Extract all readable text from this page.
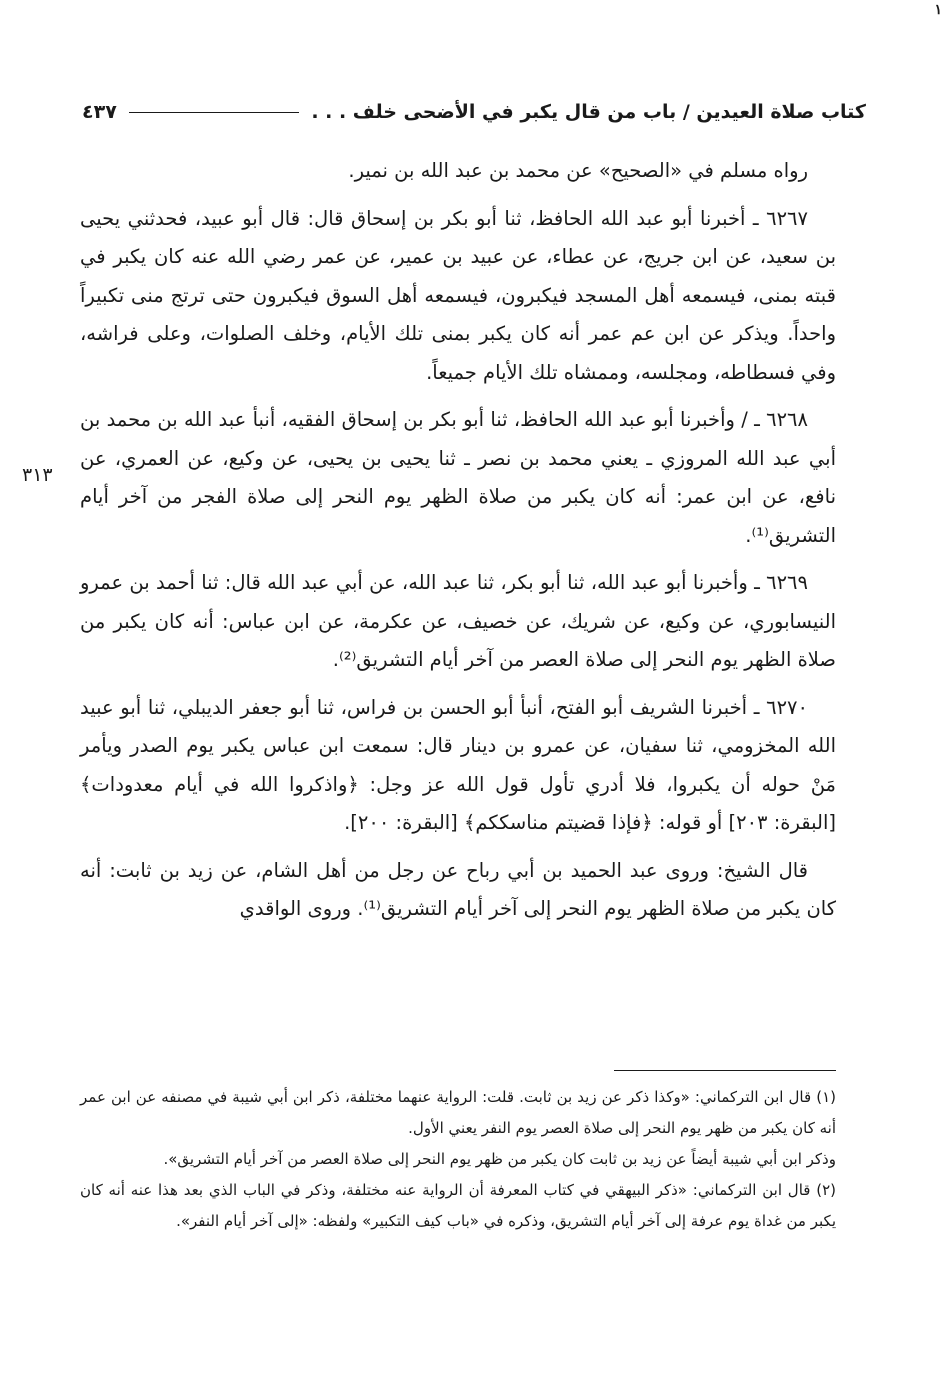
۱
كتاب صلاة العيدين / باب من قال يكبر في الأضحى خلف . . .
٤٣٧
٣١٣

رواه مسلم في «الصحيح» عن محمد بن عبد الله بن نمير.

٦٢٦٧ ـ أخبرنا أبو عبد الله الحافظ، ثنا أبو بكر بن إسحاق قال: قال أبو عبيد، فحدثني يحيى بن سعيد، عن ابن جريج، عن عطاء، عن عبيد بن عمير، عن عمر رضي الله عنه كان يكبر في قبته بمنى، فيسمعه أهل المسجد فيكبرون، فيسمعه أهل السوق فيكبرون حتى ترتج منى تكبيراً واحداً. ويذكر عن ابن عم عمر أنه كان يكبر بمنى تلك الأيام، وخلف الصلوات، وعلى فراشه، وفي فسطاطه، ومجلسه، وممشاه تلك الأيام جميعاً.

٦٢٦٨ ـ / وأخبرنا أبو عبد الله الحافظ، ثنا أبو بكر بن إسحاق الفقيه، أنبأ عبد الله بن محمد بن أبي عبد الله المروزي ـ يعني محمد بن نصر ـ ثنا يحيى بن يحيى، عن وكيع، عن العمري، عن نافع، عن ابن عمر: أنه كان يكبر من صلاة الظهر يوم النحر إلى صلاة الفجر من آخر أيام التشريق⁽¹⁾.

٦٢٦٩ ـ وأخبرنا أبو عبد الله، ثنا أبو بكر، ثنا عبد الله، عن أبي عبد الله قال: ثنا أحمد بن عمرو النيسابوري، عن وكيع، عن شريك، عن خصيف، عن عكرمة، عن ابن عباس: أنه كان يكبر من صلاة الظهر يوم النحر إلى صلاة العصر من آخر أيام التشريق⁽²⁾.

٦٢٧٠ ـ أخبرنا الشريف أبو الفتح، أنبأ أبو الحسن بن فراس، ثنا أبو جعفر الديبلي، ثنا أبو عبيد الله المخزومي، ثنا سفيان، عن عمرو بن دينار قال: سمعت ابن عباس يكبر يوم الصدر ويأمر مَنْ حوله أن يكبروا، فلا أدري تأول قول الله عز وجل: ﴿واذكروا الله في أيام معدودات﴾ [البقرة: ٢٠٣] أو قوله: ﴿فإذا قضيتم مناسككم﴾ [البقرة: ٢٠٠].

قال الشيخ: وروى عبد الحميد بن أبي رباح عن رجل من أهل الشام، عن زيد بن ثابت: أنه كان يكبر من صلاة الظهر يوم النحر إلى آخر أيام التشريق⁽¹⁾. وروى الواقدي

(١) قال ابن التركماني: «وكذا ذكر عن زيد بن ثابت. قلت: الرواية عنهما مختلفة، ذكر ابن أبي شيبة في مصنفه عن ابن عمر أنه كان يكبر من ظهر يوم النحر إلى صلاة العصر يوم النفر يعني الأول.

وذكر ابن أبي شيبة أيضاً عن زيد بن ثابت كان يكبر من ظهر يوم النحر إلى صلاة العصر من آخر أيام التشريق».

(٢) قال ابن التركماني: «ذكر البيهقي في كتاب المعرفة أن الرواية عنه مختلفة، وذكر في الباب الذي بعد هذا عنه أنه كان يكبر من غداة يوم عرفة إلى آخر أيام التشريق، وذكره في «باب كيف التكبير» ولفظه: «إلى آخر أيام النفر».
